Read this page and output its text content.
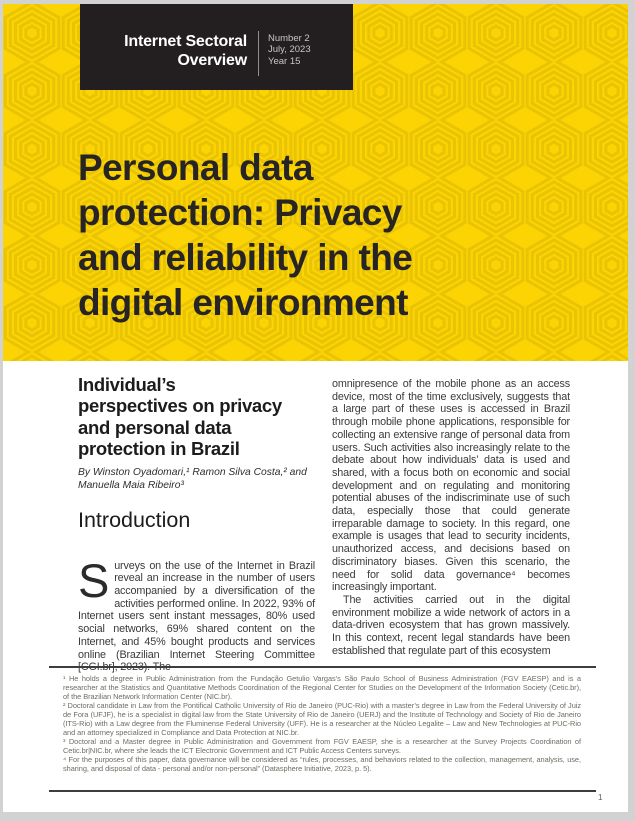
Internet Sectoral
Overview
Number 2
July, 2023
Year 15
Personal data
protection: Privacy
and reliability in the
digital environment
Individual’s
perspectives on privacy
and personal data
protection in Brazil

By Winston Oyadomari,¹ Ramon Silva Costa,² and Manuella Maia Ribeiro³

Introduction

Surveys on the use of the Internet in Brazil reveal an increase in the number of users accompanied by a diversification of the activities performed online. In 2022, 93% of Internet users sent instant messages, 80% used social networks, 69% shared content on the Internet, and 45% bought products and services online (Brazilian Internet Steering Committee [CGI.br], 2023). The

omnipresence of the mobile phone as an access device, most of the time exclusively, suggests that a large part of these uses is accessed in Brazil through mobile phone applications, responsible for collecting an extensive range of personal data from users. Such activities also increasingly relate to the debate about how individuals’ data is used and shared, with a focus both on economic and social development and on regulating and monitoring potential abuses of the indiscriminate use of such data, especially those that could generate irreparable damage to society. In this regard, one example is usages that lead to security incidents, unauthorized access, and decisions based on discriminatory biases. Given this scenario, the need for solid data governance⁴ becomes increasingly important.

The activities carried out in the digital environment mobilize a wide network of actors in a data-driven ecosystem that has grown massively. In this context, recent legal standards have been established that regulate part of this ecosystem

¹ He holds a degree in Public Administration from the Fundação Getulio Vargas’s São Paulo School of Business Administration (FGV EAESP) and is a researcher at the Statistics and Quantitative Methods Coordination of the Regional Center for Studies on the Development of the Information Society (Cetic.br), of the Brazilian Network Information Center (NIC.br).
² Doctoral candidate in Law from the Pontifical Catholic University of Rio de Janeiro (PUC-Rio) with a master’s degree in Law from the Federal University of Juiz de Fora (UFJF), he is a specialist in digital law from the State University of Rio de Janeiro (UERJ) and the Institute of Technology and Society of Rio de Janeiro (ITS-Rio) with a Law degree from the Fluminense Federal University (UFF). He is a researcher at the Núcleo Legalite – Law and New Technologies at PUC-Rio and an attorney specialized in Compliance and Data Protection at NIC.br.
³ Doctoral and a Master degree in Public Administration and Government from FGV EAESP, she is a researcher at the Survey Projects Coordination of Cetic.br|NIC.br, where she leads the ICT Electronic Government and ICT Public Access Centers surveys.
⁴ For the purposes of this paper, data governance will be considered as “rules, processes, and behaviors related to the collection, management, analysis, use, sharing, and disposal of data - personal and/or non-personal” (Datasphere Initiative, 2023, p. 5).
1
